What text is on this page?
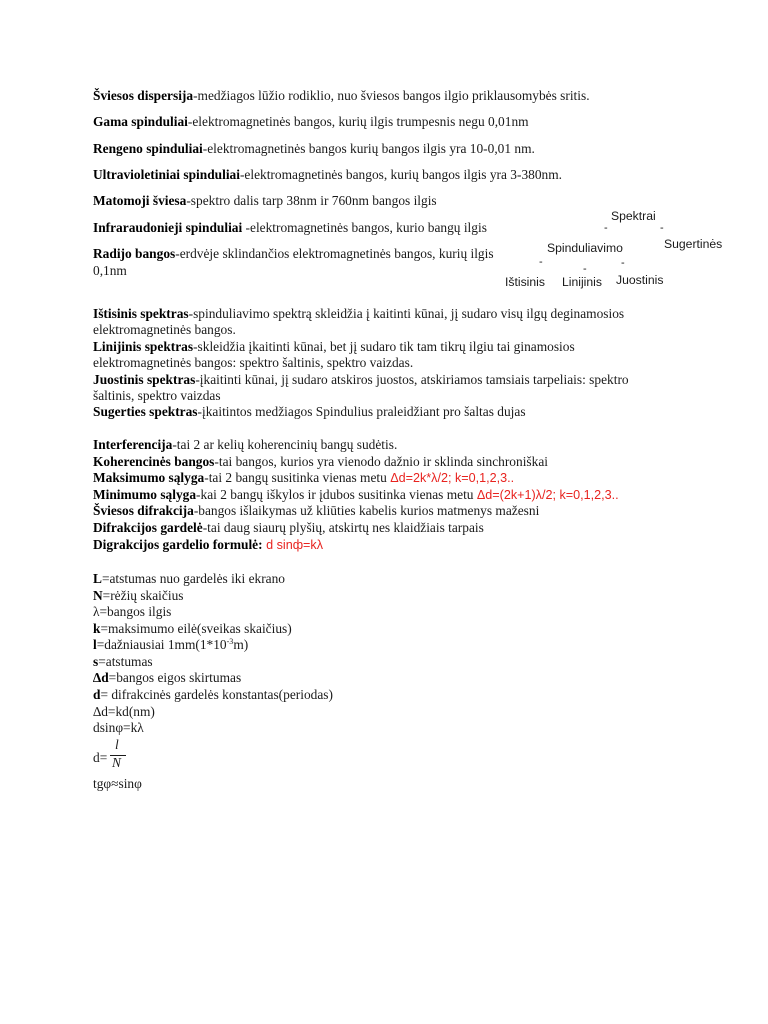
Šviesos dispersija-medžiagos lūžio rodiklio, nuo šviesos bangos ilgio priklausomybės sritis.
Gama spinduliai-elektromagnetinės bangos, kurių ilgis trumpesnis negu 0,01nm
Rengeno spinduliai-elektromagnetinės bangos kurių bangos ilgis yra 10-0,01 nm.
Ultravioletiniai spinduliai-elektromagnetinės bangos, kurių bangos ilgis yra 3-380nm.
Matomoji šviesa-spektro dalis tarp 38nm ir 760nm bangos ilgis
Infraraudonieji spinduliai -elektromagnetinės bangos, kurio bangų ilgis
Radijo bangos-erdvėje sklindančios elektromagnetinės bangos, kurių ilgis
0,1nm
Spektrai
-	-
Spinduliavimo	Sugertinės
-
-	-
Ištisinis Linijinis Juostinis
Ištisinis spektras-spinduliavimo spektrą skleidžia į kaitinti kūnai, jį sudaro visų ilgų deginamosios
elektromagnetinės bangos.
Linijinis spektras-skleidžia įkaitinti kūnai, bet jį sudaro tik tam tikrų ilgiu tai ginamosios
elektromagnetinės bangos: spektro šaltinis, spektro vaizdas.
Juostinis spektras-įkaitinti kūnai, jį sudaro atskiros juostos, atskiriamos tamsiais tarpeliais: spektro
šaltinis, spektro vaizdas
Sugerties spektras-įkaitintos medžiagos Spindulius praleidžiant pro šaltas dujas
Interferencija-tai 2 ar kelių koherencinių bangų sudėtis.
Koherencinės bangos-tai bangos, kurios yra vienodo dažnio ir sklinda sinchroniškai
Maksimumo sąlyga-tai 2 bangų susitinka vienas metu Δd=2k*λ/2; k=0,1,2,3..
Minimumo sąlyga-kai 2 bangų iškylos ir įdubos susitinka vienas metu Δd=(2k+1)λ/2; k=0,1,2,3..
Šviesos difrakcija-bangos išlaikymas už kliūties kabelis kurios matmenys mažesni
Difrakcijos gardelė-tai daug siaurų plyšių, atskirtų nes klaidžiais tarpais
Digrakcijos gardelio formulė: d sinф=kλ
L=atstumas nuo gardelės iki ekrano
N=rėžių skaičius
λ=bangos ilgis
k=maksimumo eilė(sveikas skaičius)
l=dažniausiai $1mm(1*10^{-3}m)$
s=atstumas
∆d=bangos eigos skirtumas
d= difrakcinės gardelės konstantas(periodas)
∆d=kd(nm)
dsinφ=kλ
d=
l
N
tgφ≈sinφ
